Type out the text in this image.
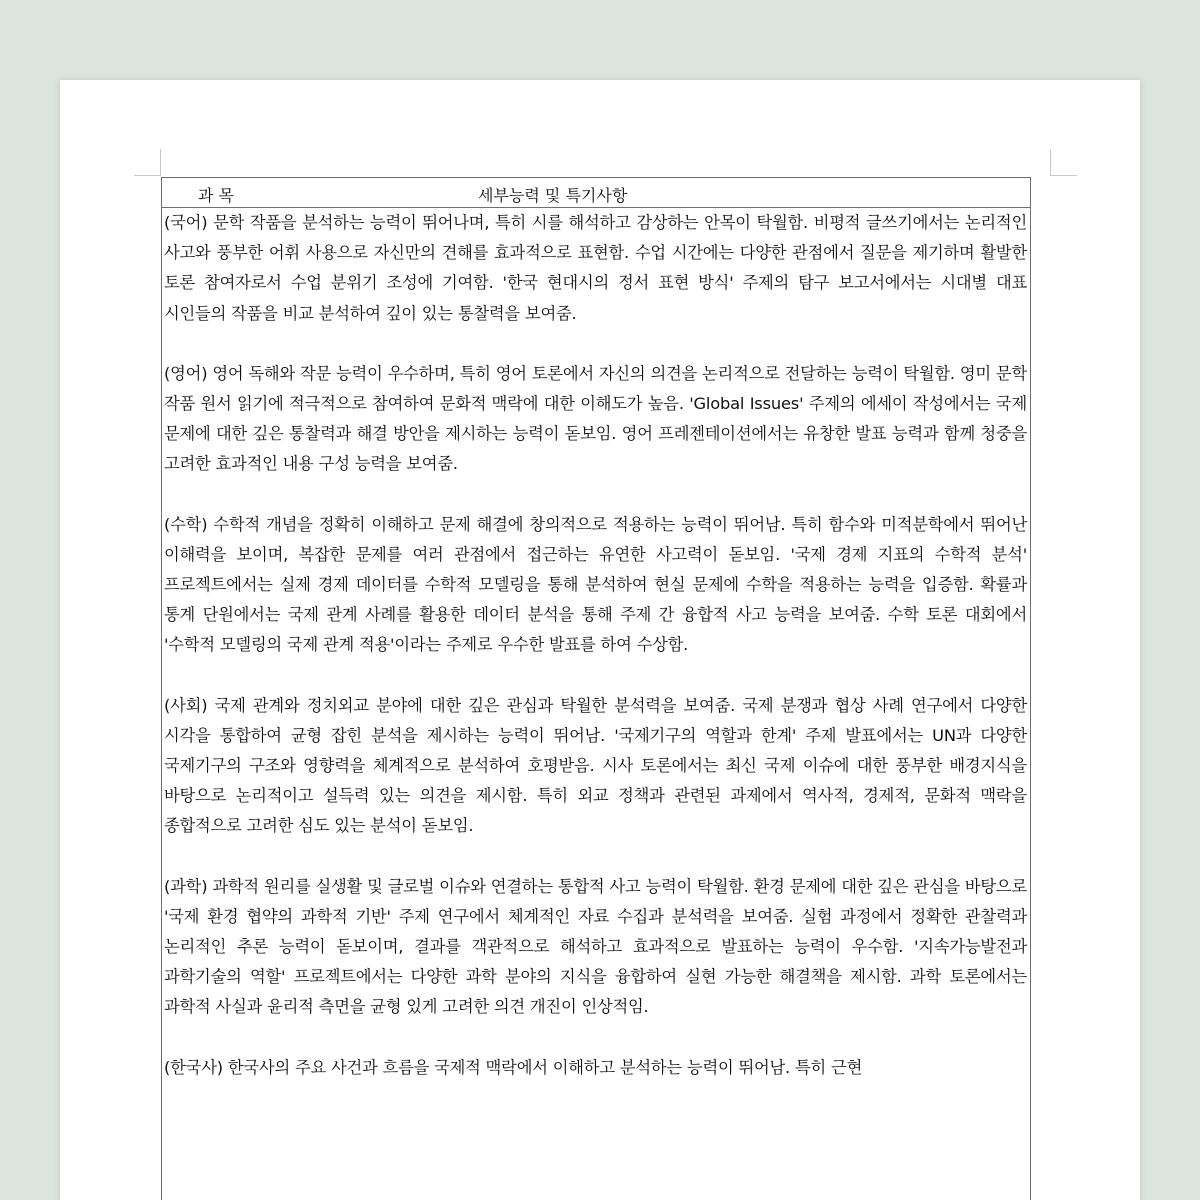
과 목	세부능력 및 특기사항

(국어) 문학 작품을 분석하는 능력이 뛰어나며, 특히 시를 해석하고 감상하는 안목이 탁월함. 비평적 글쓰기에서는 논리적인 사고와 풍부한 어휘 사용으로 자신만의 견해를 효과적으로 표현함. 수업 시간에는 다양한 관점에서 질문을 제기하며 활발한 토론 참여자로서 수업 분위기 조성에 기여함. '한국 현대시의 정서 표현 방식' 주제의 탐구 보고서에서는 시대별 대표 시인들의 작품을 비교 분석하여 깊이 있는 통찰력을 보여줌.

(영어) 영어 독해와 작문 능력이 우수하며, 특히 영어 토론에서 자신의 의견을 논리적으로 전달하는 능력이 탁월함. 영미 문학 작품 원서 읽기에 적극적으로 참여하여 문화적 맥락에 대한 이해도가 높음. 'Global Issues' 주제의 에세이 작성에서는 국제 문제에 대한 깊은 통찰력과 해결 방안을 제시하는 능력이 돋보임. 영어 프레젠테이션에서는 유창한 발표 능력과 함께 청중을 고려한 효과적인 내용 구성 능력을 보여줌.

(수학) 수학적 개념을 정확히 이해하고 문제 해결에 창의적으로 적용하는 능력이 뛰어남. 특히 함수와 미적분학에서 뛰어난 이해력을 보이며, 복잡한 문제를 여러 관점에서 접근하는 유연한 사고력이 돋보임. '국제 경제 지표의 수학적 분석' 프로젝트에서는 실제 경제 데이터를 수학적 모델링을 통해 분석하여 현실 문제에 수학을 적용하는 능력을 입증함. 확률과 통계 단원에서는 국제 관계 사례를 활용한 데이터 분석을 통해 주제 간 융합적 사고 능력을 보여줌. 수학 토론 대회에서 '수학적 모델링의 국제 관계 적용'이라는 주제로 우수한 발표를 하여 수상함.

(사회) 국제 관계와 정치외교 분야에 대한 깊은 관심과 탁월한 분석력을 보여줌. 국제 분쟁과 협상 사례 연구에서 다양한 시각을 통합하여 균형 잡힌 분석을 제시하는 능력이 뛰어남. '국제기구의 역할과 한계' 주제 발표에서는 UN과 다양한 국제기구의 구조와 영향력을 체계적으로 분석하여 호평받음. 시사 토론에서는 최신 국제 이슈에 대한 풍부한 배경지식을 바탕으로 논리적이고 설득력 있는 의견을 제시함. 특히 외교 정책과 관련된 과제에서 역사적, 경제적, 문화적 맥락을 종합적으로 고려한 심도 있는 분석이 돋보임.

(과학) 과학적 원리를 실생활 및 글로벌 이슈와 연결하는 통합적 사고 능력이 탁월함. 환경 문제에 대한 깊은 관심을 바탕으로 '국제 환경 협약의 과학적 기반' 주제 연구에서 체계적인 자료 수집과 분석력을 보여줌. 실험 과정에서 정확한 관찰력과 논리적인 추론 능력이 돋보이며, 결과를 객관적으로 해석하고 효과적으로 발표하는 능력이 우수함. '지속가능발전과 과학기술의 역할' 프로젝트에서는 다양한 과학 분야의 지식을 융합하여 실현 가능한 해결책을 제시함. 과학 토론에서는 과학적 사실과 윤리적 측면을 균형 있게 고려한 의견 개진이 인상적임.

(한국사) 한국사의 주요 사건과 흐름을 국제적 맥락에서 이해하고 분석하는 능력이 뛰어남. 특히 근현
